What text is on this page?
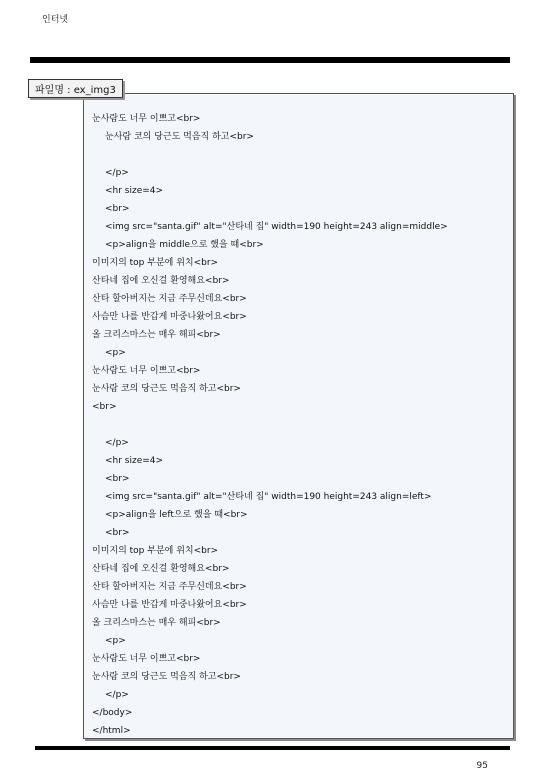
인터넷
파일명 : ex_img3
눈사람도 너무 이쁘고<br>
눈사람 코의 당근도 먹음직 하고<br>
</p>
<hr size=4>
<br>
<img src="santa.gif" alt="산타네 집" width=190 height=243 align=middle>
<p>align을 middle으로 했을 때<br>
이미지의 top 부분에 위치<br>
산타네 집에 오신걸 환영해요<br>
산타 할아버지는 지금 주무신데요<br>
사슴만 나를 반갑게 마중나왔어요<br>
올 크리스마스는 매우 해피<br>
<p>
눈사람도 너무 이쁘고<br>
눈사람 코의 당근도 먹음직 하고<br>
<br>
</p>
<hr size=4>
<br>
<img src="santa.gif" alt="산타네 집" width=190 height=243 align=left>
<p>align을 left으로 했을 때<br>
<br>
이미지의 top 부분에 위치<br>
산타네 집에 오신걸 환영해요<br>
산타 할아버지는 지금 주무신데요<br>
사슴만 나를 반갑게 마중나왔어요<br>
올 크리스마스는 매우 해피<br>
<p>
눈사람도 너무 이쁘고<br>
눈사람 코의 당근도 먹음직 하고<br>
</p>
</body>
</html>
95
